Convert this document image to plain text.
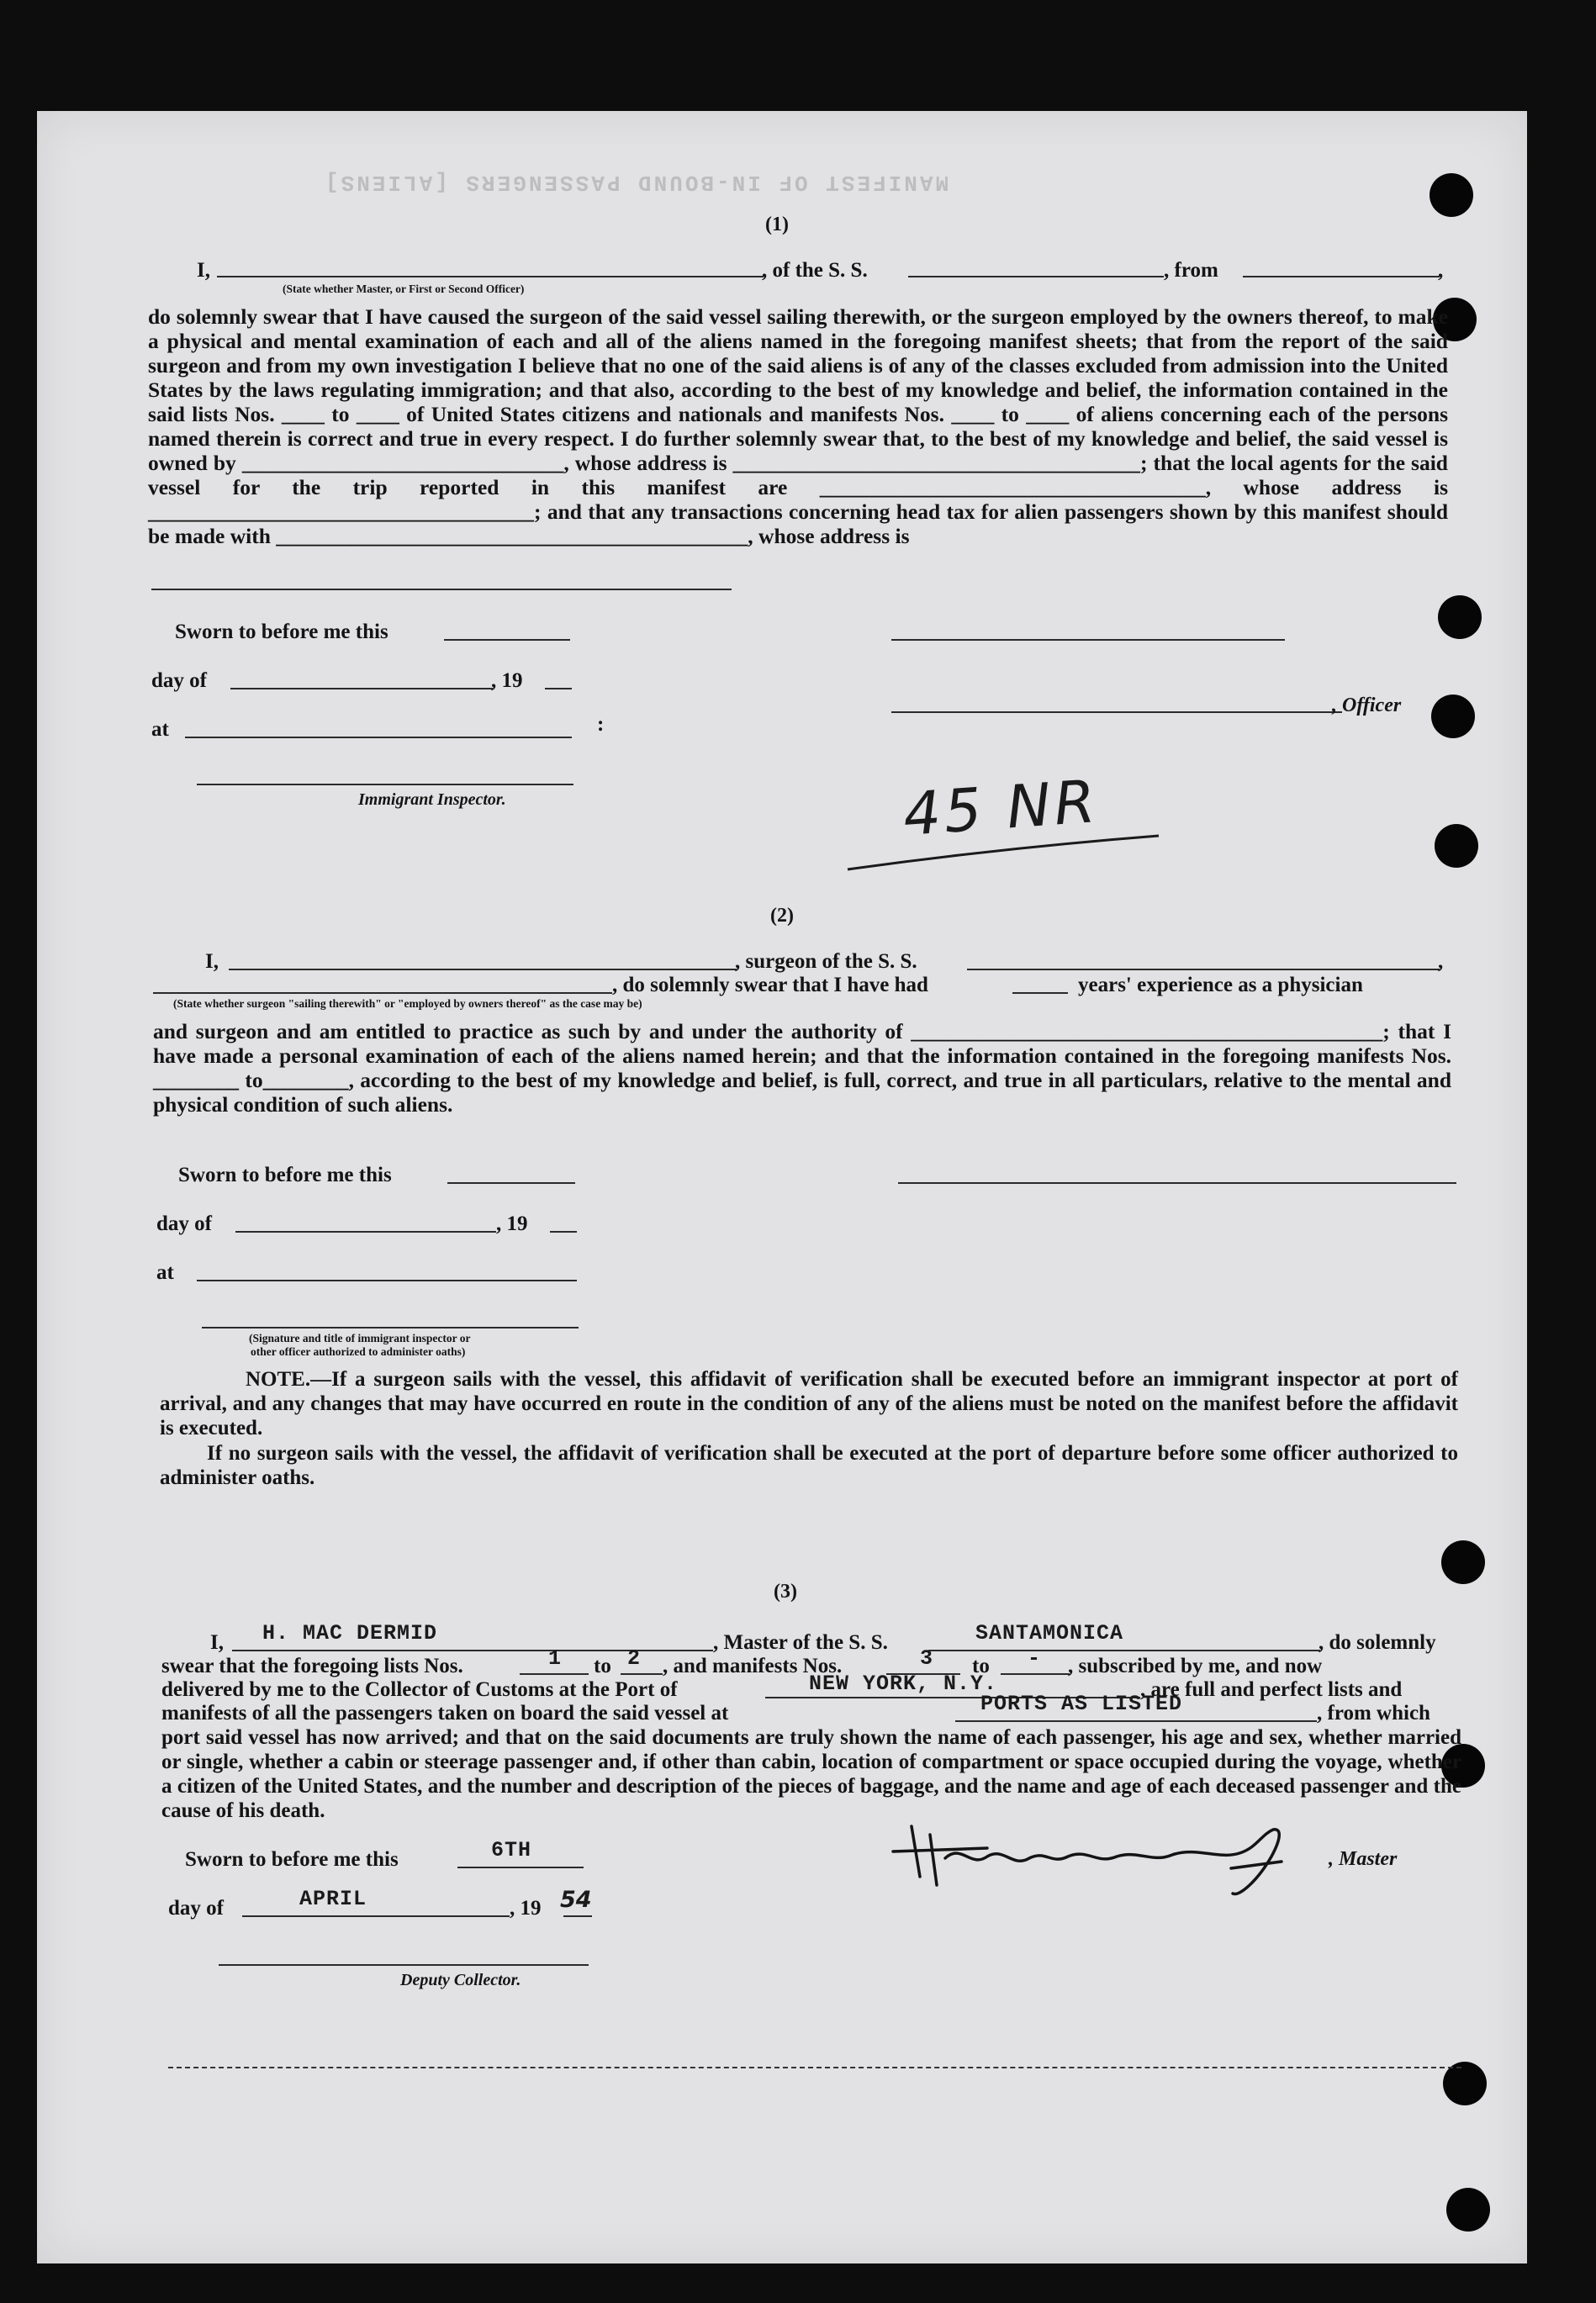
MANIFEST OF IN-BOUND PASSENGERS [ALIENS]
(1)
I,
(State whether Master, or First or Second Officer)
, of the S. S.	, from	,
do solemnly swear that I have caused the surgeon of the said vessel sailing therewith, or the surgeon employed by the owners thereof, to make a physical and mental examination of each and all of the aliens named in the foregoing manifest sheets; that from the report of the said surgeon and from my own investigation I believe that no one of the said aliens is of any of the classes excluded from admission into the United States by the laws regulating immigration; and that also, according to the best of my knowledge and belief, the information contained in the said lists Nos. ____ to ____ of United States citizens and nationals and manifests Nos. ____ to ____ of aliens concerning each of the persons named therein is correct and true in every respect. I do further solemnly swear that, to the best of my knowledge and belief, the said vessel is owned by ______________________________, whose address is ______________________________________; that the local agents for the said vessel for the trip reported in this manifest are ____________________________________, whose address is ____________________________________; and that any transactions concerning head tax for alien passengers shown by this manifest should be made with ____________________________________________, whose address is
Sworn to before me this
day of	, 19
at	:
, Officer
Immigrant Inspector.	45 NR
(2)
I,	, surgeon of the S. S.	,
, do solemnly swear that I have had	years' experience as a physician
(State whether surgeon "sailing therewith" or "employed by owners thereof" as the case may be)
and surgeon and am entitled to practice as such by and under the authority of ____________________________________________; that I have made a personal examination of each of the aliens named herein; and that the information contained in the foregoing manifests Nos. ________ to________, according to the best of my knowledge and belief, is full, correct, and true in all particulars, relative to the mental and physical condition of such aliens.
Sworn to before me this
day of	, 19
at
(Signature and title of immigrant inspector or
other officer authorized to administer oaths)
NOTE.—If a surgeon sails with the vessel, this affidavit of verification shall be executed before an immigrant inspector at port of arrival, and any changes that may have occurred en route in the condition of any of the aliens must be noted on the manifest before the affidavit is executed.
If no surgeon sails with the vessel, the affidavit of verification shall be executed at the port of departure before some officer authorized to administer oaths.
(3)
I, H. MAC DERMID	, Master of the S. S.	SANTAMONICA	, do solemnly
swear that the foregoing lists Nos.	1 to 2 , and manifests Nos.	3 to - , subscribed by me, and now
delivered by me to the Collector of Customs at the Port of	NEW YORK, N.Y.	, are full and perfect lists and
manifests of all the passengers taken on board the said vessel at	PORTS AS LISTED	, from which
port said vessel has now arrived; and that on the said documents are truly shown the name of each passenger, his age and sex, whether married or single, whether a cabin or steerage passenger and, if other than cabin, location of compartment or space occupied during the voyage, whether a citizen of the United States, and the number and description of the pieces of baggage, and the name and age of each deceased passenger and the cause of his death.
Sworn to before me this	6TH	, Master
day of	APRIL	, 19 54
Deputy Collector.
